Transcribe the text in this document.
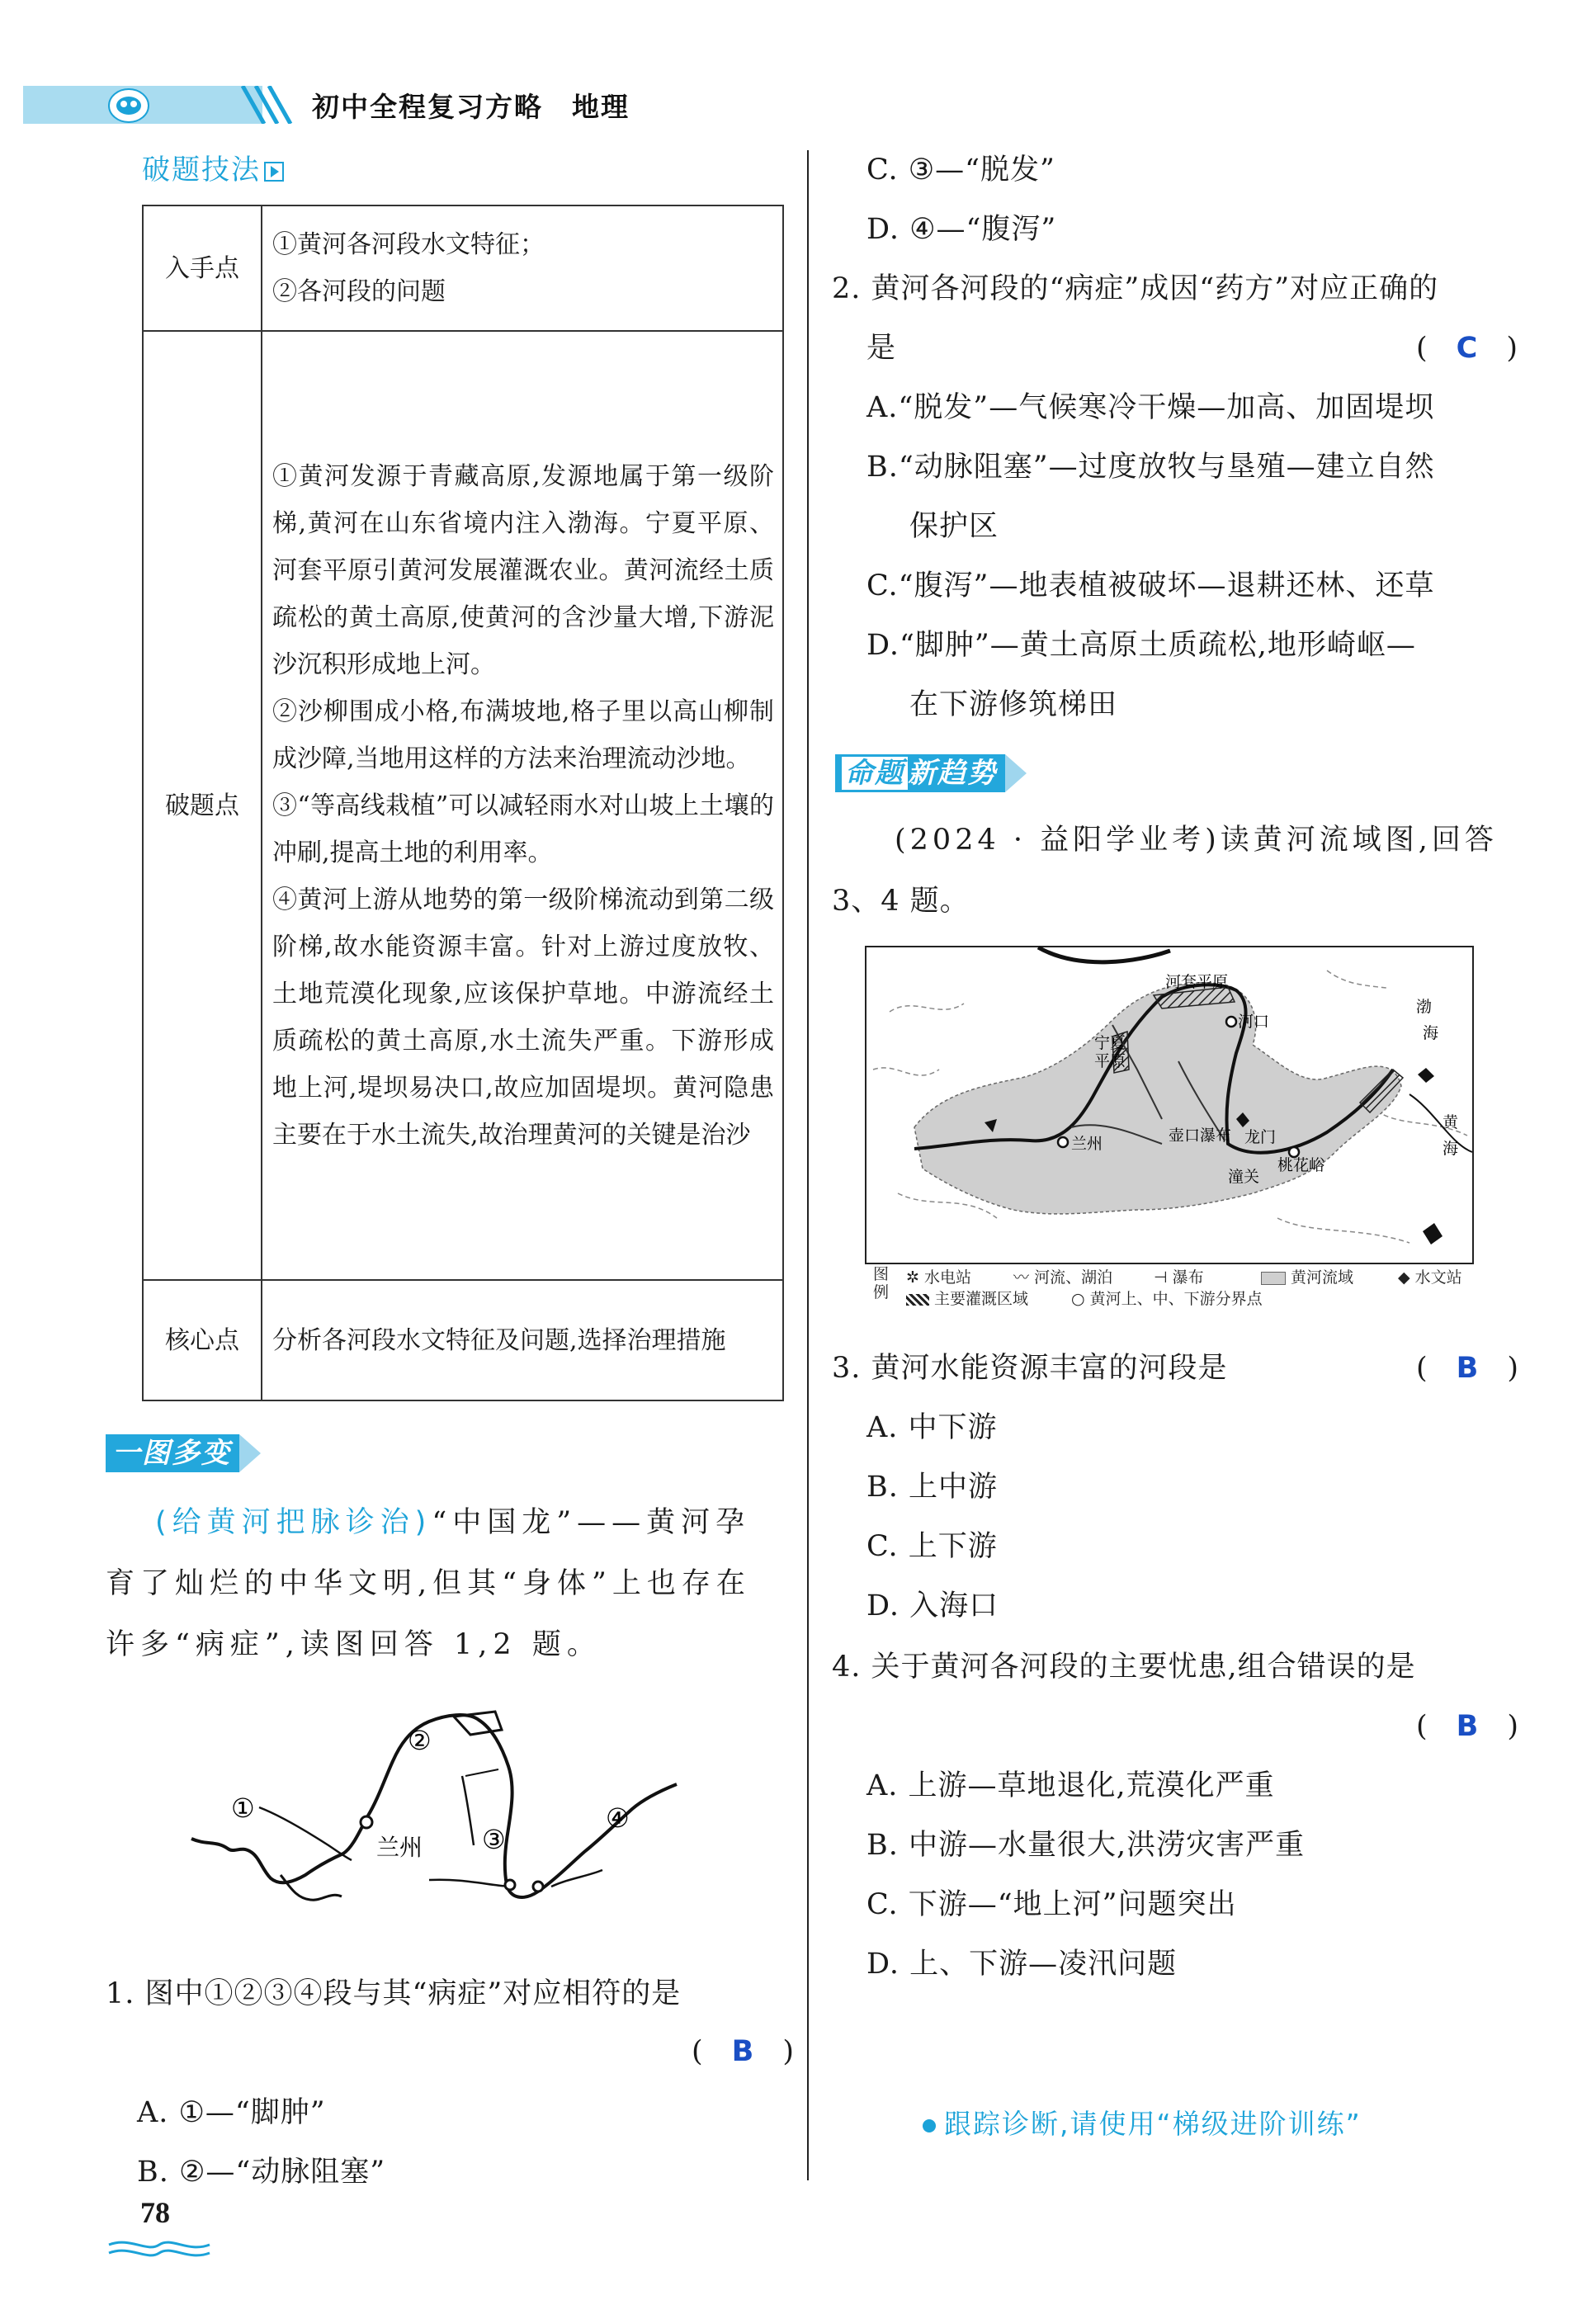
初中全程复习方略　地理
破题技法
入手点	①黄河各河段水文特征；
②各河段的问题

破题点	①黄河发源于青藏高原,发源地属于第一级阶梯,黄河在山东省境内注入渤海。宁夏平原、河套平原引黄河发展灌溉农业。黄河流经土质疏松的黄土高原,使黄河的含沙量大增,下游泥沙沉积形成地上河。
②沙柳围成小格,布满坡地,格子里以高山柳制成沙障,当地用这样的方法来治理流动沙地。
③“等高线栽植”可以减轻雨水对山坡上土壤的冲刷,提高土地的利用率。
④黄河上游从地势的第一级阶梯流动到第二级阶梯,故水能资源丰富。针对上游过度放牧、土地荒漠化现象,应该保护草地。中游流经土质疏松的黄土高原,水土流失严重。下游形成地上河,堤坝易决口,故应加固堤坝。黄河隐患主要在于水土流失,故治理黄河的关键是治沙

核心点	分析各河段水文特征及问题,选择治理措施
一图多变
(给黄河把脉诊治)“中国龙”——黄河孕育了灿烂的中华文明,但其“身体”上也存在许多“病症”,读图回答 1,2 题。
①
②
③
④
兰州
1. 图中①②③④段与其“病症”对应相符的是
(　B　)
A. ①—“脚肿”
B. ②—“动脉阻塞”
C. ③—“脱发”
D. ④—“腹泻”
2. 黄河各河段的“病症”成因“药方”对应正确的
是	(　C　)
A.“脱发”—气候寒冷干燥—加高、加固堤坝
B.“动脉阻塞”—过度放牧与垦殖—建立自然
保护区
C.“腹泻”—地表植被破坏—退耕还林、还草
D.“脚肿”—黄土高原土质疏松,地形崎岖—
在下游修筑梯田
命题 新趋势
(2024 · 益阳学业考)读黄河流域图,回答
3、4 题。
河套平原
河口
宁夏
平原
兰州	壶口瀑布 龙门
潼关
桃花峪
渤
海
黄
海
图
例
✲ 水电站	〰 河流、湖泊	⊣ 瀑布	黄河流域	◆ 水文站
主要灌溉区域	○ 黄河上、中、下游分界点
3. 黄河水能资源丰富的河段是	(　B　)
A. 中下游
B. 上中游
C. 上下游
D. 入海口
4. 关于黄河各河段的主要忧患,组合错误的是
(　B　)
A. 上游—草地退化,荒漠化严重
B. 中游—水量很大,洪涝灾害严重
C. 下游—“地上河”问题突出
D. 上、下游—凌汛问题
跟踪诊断,请使用“梯级进阶训练”
78
